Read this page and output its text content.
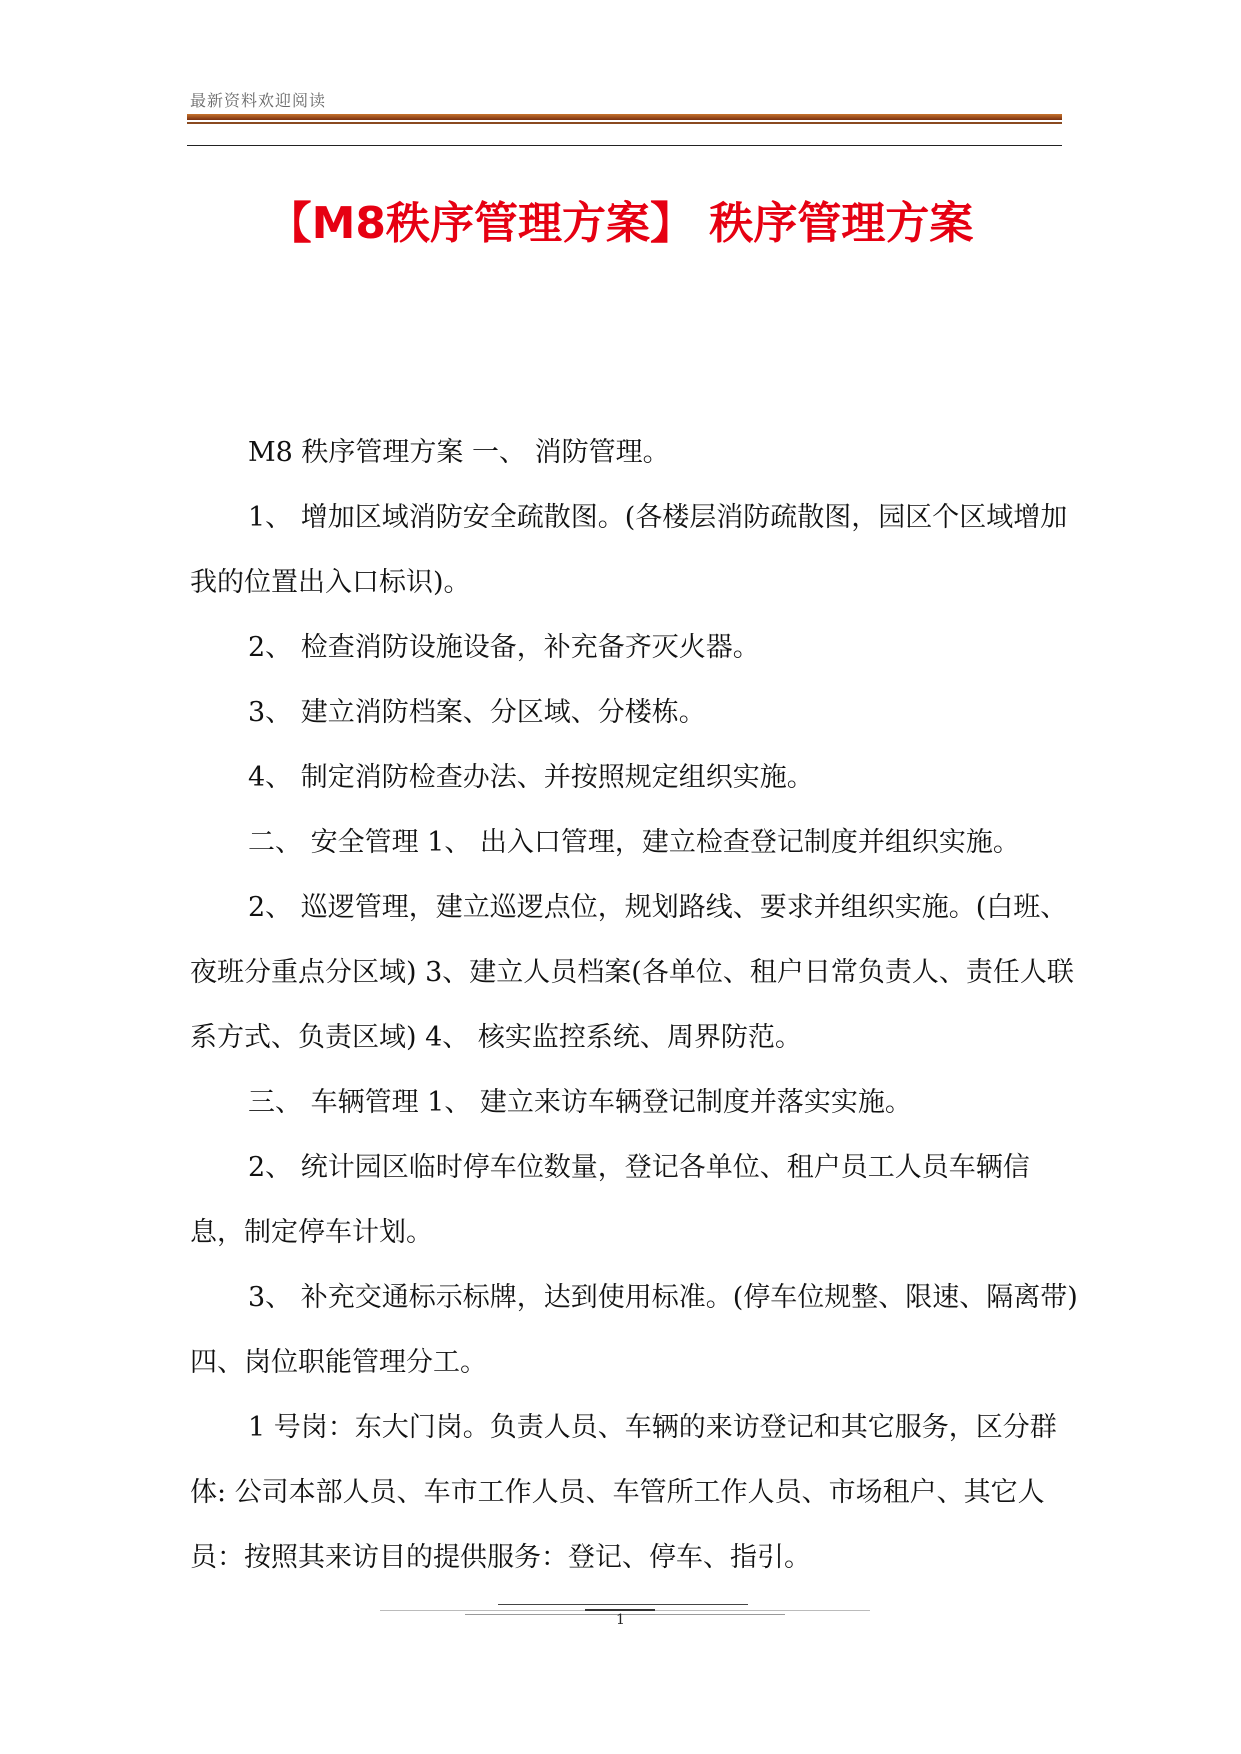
最新资料欢迎阅读
【M8秩序管理方案】 秩序管理方案

M8 秩序管理方案 一、 消防管理。

1、 增加区域消防安全疏散图。(各楼层消防疏散图，园区个区域增加我的位置出入口标识)。

2、 检查消防设施设备，补充备齐灭火器。

3、 建立消防档案、分区域、分楼栋。

4、 制定消防检查办法、并按照规定组织实施。

二、 安全管理 1、 出入口管理，建立检查登记制度并组织实施。

2、 巡逻管理，建立巡逻点位，规划路线、要求并组织实施。(白班、夜班分重点分区域) 3、建立人员档案(各单位、租户日常负责人、责任人联系方式、负责区域) 4、 核实监控系统、周界防范。

三、 车辆管理 1、 建立来访车辆登记制度并落实实施。

2、 统计园区临时停车位数量，登记各单位、租户员工人员车辆信息，制定停车计划。

3、 补充交通标示标牌，达到使用标准。(停车位规整、限速、隔离带) 四、岗位职能管理分工。

1 号岗：东大门岗。负责人员、车辆的来访登记和其它服务，区分群体: 公司本部人员、车市工作人员、车管所工作人员、市场租户、其它人员：按照其来访目的提供服务：登记、停车、指引。

1
